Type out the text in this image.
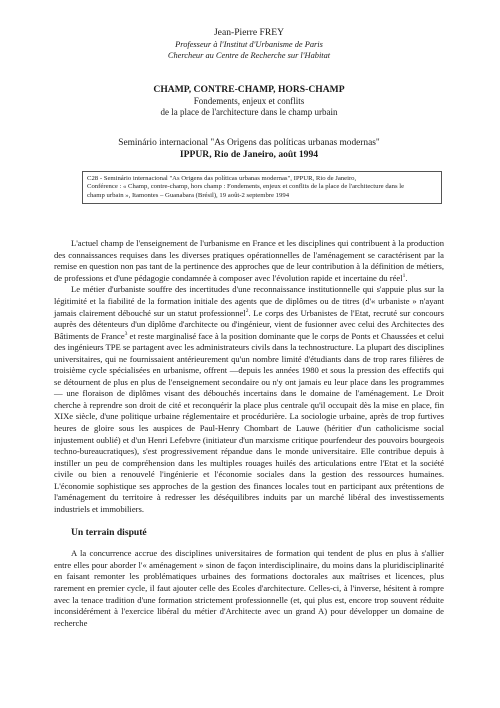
Jean-Pierre FREY
Professeur à l'Institut d'Urbanisme de Paris
Chercheur au Centre de Recherche sur l'Habitat
CHAMP, CONTRE-CHAMP, HORS-CHAMP
Fondements, enjeux et conflits
de la place de l'architecture dans le champ urbain
Seminário internacional "As Origens das políticas urbanas modernas"
IPPUR, Rio de Janeiro, août 1994
C28 - Seminário internacional "As Origens das políticas urbanas modernas", IPPUR, Rio de Janeiro,
Conférence : « Champ, contre-champ, hors champ : Fondements, enjeux et conflits de la place de l'architecture dans le
champ urbain », Itamontes – Guanabara (Brésil), 19 août-2 septembre 1994

L'actuel champ de l'enseignement de l'urbanisme en France et les disciplines qui contribuent à la production des connaissances requises dans les diverses pratiques opérationnelles de l'aménagement se caractérisent par la remise en question non pas tant de la pertinence des approches que de leur contribution à la définition de métiers, de professions et d'une pédagogie condamnée à composer avec l'évolution rapide et incertaine du réel$^1$.

Le métier d'urbaniste souffre des incertitudes d'une reconnaissance institutionnelle qui s'appuie plus sur la légitimité et la fiabilité de la formation initiale des agents que de diplômes ou de titres (d'« urbaniste » n'ayant jamais clairement débouché sur un statut professionnel$^2$. Le corps des Urbanistes de l'Etat, recruté sur concours auprès des détenteurs d'un diplôme d'architecte ou d'ingénieur, vient de fusionner avec celui des Architectes des Bâtiments de France$^3$ et reste marginalisé face à la position dominante que le corps de Ponts et Chaussées et celui des ingénieurs TPE se partagent avec les administrateurs civils dans la technostructure. La plupart des disciplines universitaires, qui ne fournissaient antérieurement qu'un nombre limité d'étudiants dans de trop rares filières de troisième cycle spécialisées en urbanisme, offrent —depuis les années 1980 et sous la pression des effectifs qui se détournent de plus en plus de l'enseignement secondaire ou n'y ont jamais eu leur place dans les programmes— une floraison de diplômes visant des débouchés incertains dans le domaine de l'aménagement. Le Droit cherche à reprendre son droit de cité et reconquérir la place plus centrale qu'il occupait dès la mise en place, fin XIXe siècle, d'une politique urbaine réglementaire et procédurière. La sociologie urbaine, après de trop furtives heures de gloire sous les auspices de Paul-Henry Chombart de Lauwe (héritier d'un catholicisme social injustement oublié) et d'un Henri Lefebvre (initiateur d'un marxisme critique pourfendeur des pouvoirs bourgeois techno-bureaucratiques), s'est progressivement répandue dans le monde universitaire. Elle contribue depuis à instiller un peu de compréhension dans les multiples rouages huilés des articulations entre l'Etat et la société civile ou bien a renouvelé l'ingénierie et l'économie sociales dans la gestion des ressources humaines. L'économie sophistique ses approches de la gestion des finances locales tout en participant aux prétentions de l'aménagement du territoire à redresser les déséquilibres induits par un marché libéral des investissements industriels et immobiliers.

Un terrain disputé

A la concurrence accrue des disciplines universitaires de formation qui tendent de plus en plus à s'allier entre elles pour aborder l'« aménagement » sinon de façon interdisciplinaire, du moins dans la pluridisciplinarité en faisant remonter les problématiques urbaines des formations doctorales aux maîtrises et licences, plus rarement en premier cycle, il faut ajouter celle des Ecoles d'architecture. Celles-ci, à l'inverse, hésitent à rompre avec la tenace tradition d'une formation strictement professionnelle (et, qui plus est, encore trop souvent réduite inconsidérément à l'exercice libéral du métier d'Architecte avec un grand A) pour développer un domaine de recherche
